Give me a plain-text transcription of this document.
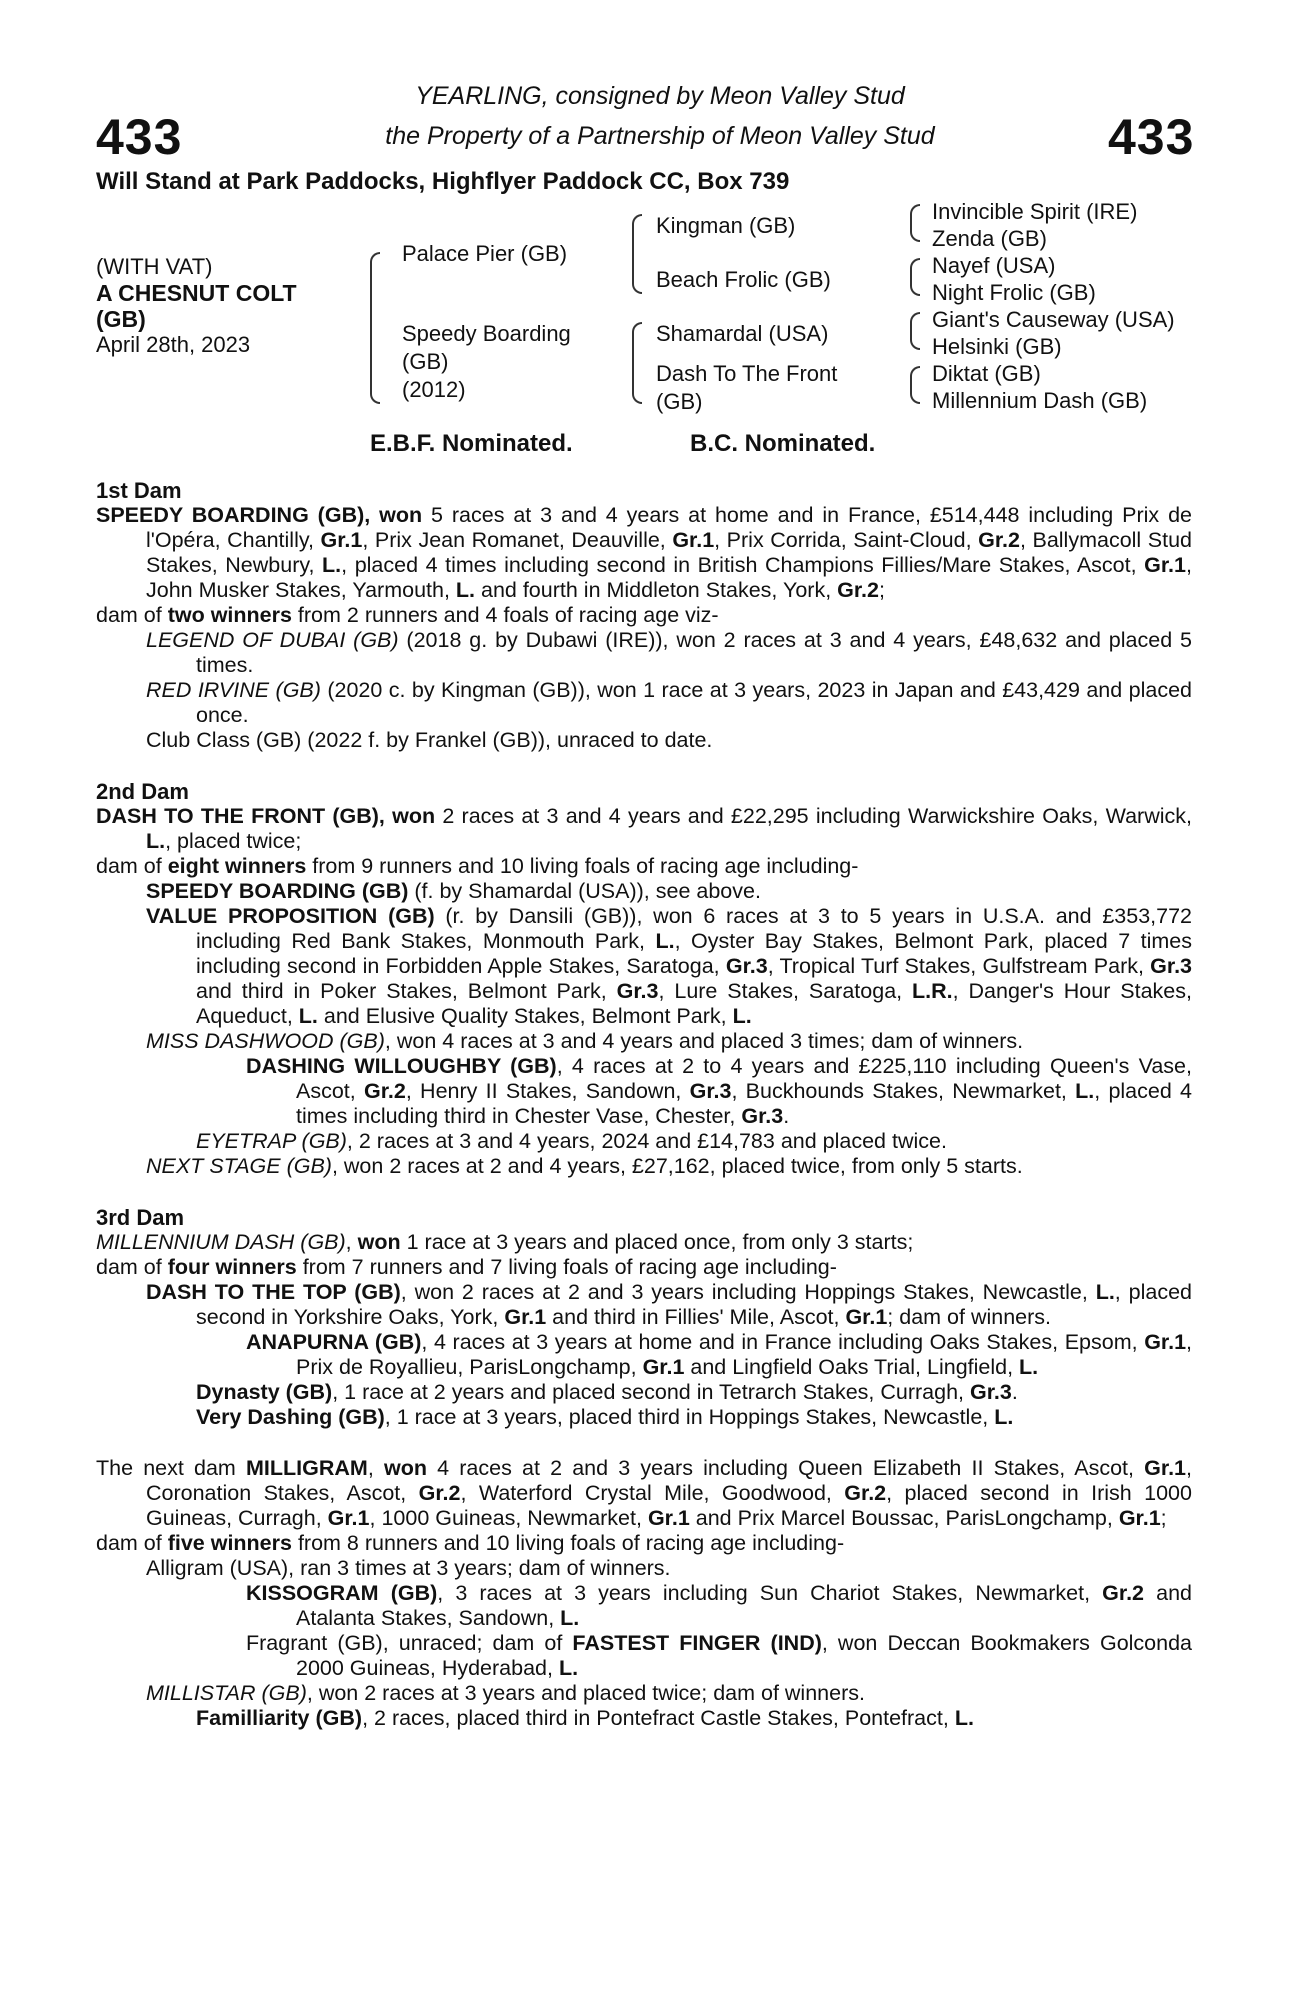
433	433
YEARLING, consigned by Meon Valley Stud
the Property of a Partnership of Meon Valley Stud
Will Stand at Park Paddocks, Highflyer Paddock CC, Box 739
(WITH VAT)
A CHESNUT COLT
(GB)
April 28th, 2023
Palace Pier (GB)
Speedy Boarding
(GB)
(2012)
Kingman (GB)
Beach Frolic (GB)
Shamardal (USA)
Dash To The Front
(GB)
Invincible Spirit (IRE)
Zenda (GB)
Nayef (USA)
Night Frolic (GB)
Giant's Causeway (USA)
Helsinki (GB)
Diktat (GB)
Millennium Dash (GB)
E.B.F. Nominated.	B.C. Nominated.

1st Dam

SPEEDY BOARDING (GB), won 5 races at 3 and 4 years at home and in France, £514,448 including Prix de l'Opéra, Chantilly, Gr.1, Prix Jean Romanet, Deauville, Gr.1, Prix Corrida, Saint-Cloud, Gr.2, Ballymacoll Stud Stakes, Newbury, L., placed 4 times including second in British Champions Fillies/Mare Stakes, Ascot, Gr.1, John Musker Stakes, Yarmouth, L. and fourth in Middleton Stakes, York, Gr.2;

dam of two winners from 2 runners and 4 foals of racing age viz-

LEGEND OF DUBAI (GB) (2018 g. by Dubawi (IRE)), won 2 races at 3 and 4 years, £48,632 and placed 5 times.

RED IRVINE (GB) (2020 c. by Kingman (GB)), won 1 race at 3 years, 2023 in Japan and £43,429 and placed once.

Club Class (GB) (2022 f. by Frankel (GB)), unraced to date.

2nd Dam

DASH TO THE FRONT (GB), won 2 races at 3 and 4 years and £22,295 including Warwickshire Oaks, Warwick, L., placed twice;

dam of eight winners from 9 runners and 10 living foals of racing age including-

SPEEDY BOARDING (GB) (f. by Shamardal (USA)), see above.

VALUE PROPOSITION (GB) (r. by Dansili (GB)), won 6 races at 3 to 5 years in U.S.A. and £353,772 including Red Bank Stakes, Monmouth Park, L., Oyster Bay Stakes, Belmont Park, placed 7 times including second in Forbidden Apple Stakes, Saratoga, Gr.3, Tropical Turf Stakes, Gulfstream Park, Gr.3 and third in Poker Stakes, Belmont Park, Gr.3, Lure Stakes, Saratoga, L.R., Danger's Hour Stakes, Aqueduct, L. and Elusive Quality Stakes, Belmont Park, L.

MISS DASHWOOD (GB), won 4 races at 3 and 4 years and placed 3 times; dam of winners.

DASHING WILLOUGHBY (GB), 4 races at 2 to 4 years and £225,110 including Queen's Vase, Ascot, Gr.2, Henry II Stakes, Sandown, Gr.3, Buckhounds Stakes, Newmarket, L., placed 4 times including third in Chester Vase, Chester, Gr.3.

EYETRAP (GB), 2 races at 3 and 4 years, 2024 and £14,783 and placed twice.

NEXT STAGE (GB), won 2 races at 2 and 4 years, £27,162, placed twice, from only 5 starts.

3rd Dam

MILLENNIUM DASH (GB), won 1 race at 3 years and placed once, from only 3 starts;

dam of four winners from 7 runners and 7 living foals of racing age including-

DASH TO THE TOP (GB), won 2 races at 2 and 3 years including Hoppings Stakes, Newcastle, L., placed second in Yorkshire Oaks, York, Gr.1 and third in Fillies' Mile, Ascot, Gr.1; dam of winners.

ANAPURNA (GB), 4 races at 3 years at home and in France including Oaks Stakes, Epsom, Gr.1, Prix de Royallieu, ParisLongchamp, Gr.1 and Lingfield Oaks Trial, Lingfield, L.

Dynasty (GB), 1 race at 2 years and placed second in Tetrarch Stakes, Curragh, Gr.3.

Very Dashing (GB), 1 race at 3 years, placed third in Hoppings Stakes, Newcastle, L.

The next dam MILLIGRAM, won 4 races at 2 and 3 years including Queen Elizabeth II Stakes, Ascot, Gr.1, Coronation Stakes, Ascot, Gr.2, Waterford Crystal Mile, Goodwood, Gr.2, placed second in Irish 1000 Guineas, Curragh, Gr.1, 1000 Guineas, Newmarket, Gr.1 and Prix Marcel Boussac, ParisLongchamp, Gr.1;

dam of five winners from 8 runners and 10 living foals of racing age including-

Alligram (USA), ran 3 times at 3 years; dam of winners.

KISSOGRAM (GB), 3 races at 3 years including Sun Chariot Stakes, Newmarket, Gr.2 and Atalanta Stakes, Sandown, L.

Fragrant (GB), unraced; dam of FASTEST FINGER (IND), won Deccan Bookmakers Golconda 2000 Guineas, Hyderabad, L.

MILLISTAR (GB), won 2 races at 3 years and placed twice; dam of winners.

Familliarity (GB), 2 races, placed third in Pontefract Castle Stakes, Pontefract, L.
